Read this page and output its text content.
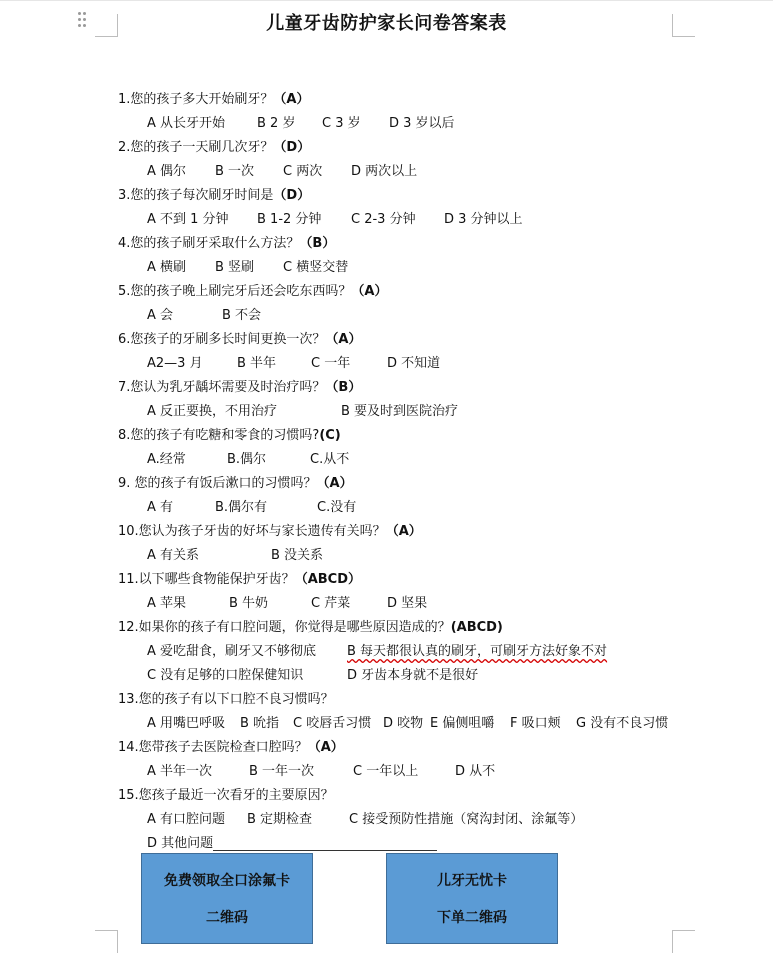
儿童牙齿防护家长问卷答案表
1.您的孩子多大开始刷牙？（A）
A 从长牙开始 B 2 岁 C 3 岁 D 3 岁以后
2.您的孩子一天刷几次牙？（D）
A 偶尔 B 一次 C 两次 D 两次以上
3.您的孩子每次刷牙时间是（D）
A 不到 1 分钟 B 1-2 分钟 C 2-3 分钟 D 3 分钟以上
4.您的孩子刷牙采取什么方法？（B）
A 横刷 B 竖刷 C 横竖交替
5.您的孩子晚上刷完牙后还会吃东西吗？（A）
A 会	B 不会
6.您孩子的牙刷多长时间更换一次？（A）
A2—3 月	B 半年	C 一年	D 不知道
7.您认为乳牙龋坏需要及时治疗吗？（B）
A 反正要换，不用治疗	B 要及时到医院治疗
8.您的孩子有吃糖和零食的习惯吗?(C)
A.经常	B.偶尔	C.从不
9. 您的孩子有饭后漱口的习惯吗？（A）
A 有	B.偶尔有	C.没有
10.您认为孩子牙齿的好坏与家长遗传有关吗？（A）
A 有关系	B 没关系
11.以下哪些食物能保护牙齿？（ABCD）
A 苹果	B 牛奶	C 芹菜	D 坚果
12.如果你的孩子有口腔问题，你觉得是哪些原因造成的？(ABCD)
A 爱吃甜食，刷牙又不够彻底 B 每天都很认真的刷牙，可刷牙方法好象不对
C 没有足够的口腔保健知识	D 牙齿本身就不是很好
13.您的孩子有以下口腔不良习惯吗？
A 用嘴巴呼吸 B 吮指 C 咬唇舌习惯 D 咬物 E 偏侧咀嚼 F 吸口颊 G 没有不良习惯
14.您带孩子去医院检查口腔吗？（A）
A 半年一次	B 一年一次	C 一年以上	D 从不
15.您孩子最近一次看牙的主要原因？
A 有口腔问题 B 定期检查	C 接受预防性措施（窝沟封闭、涂氟等）
D 其他问题
免费领取全口涂氟卡
二维码
儿牙无忧卡
下单二维码
